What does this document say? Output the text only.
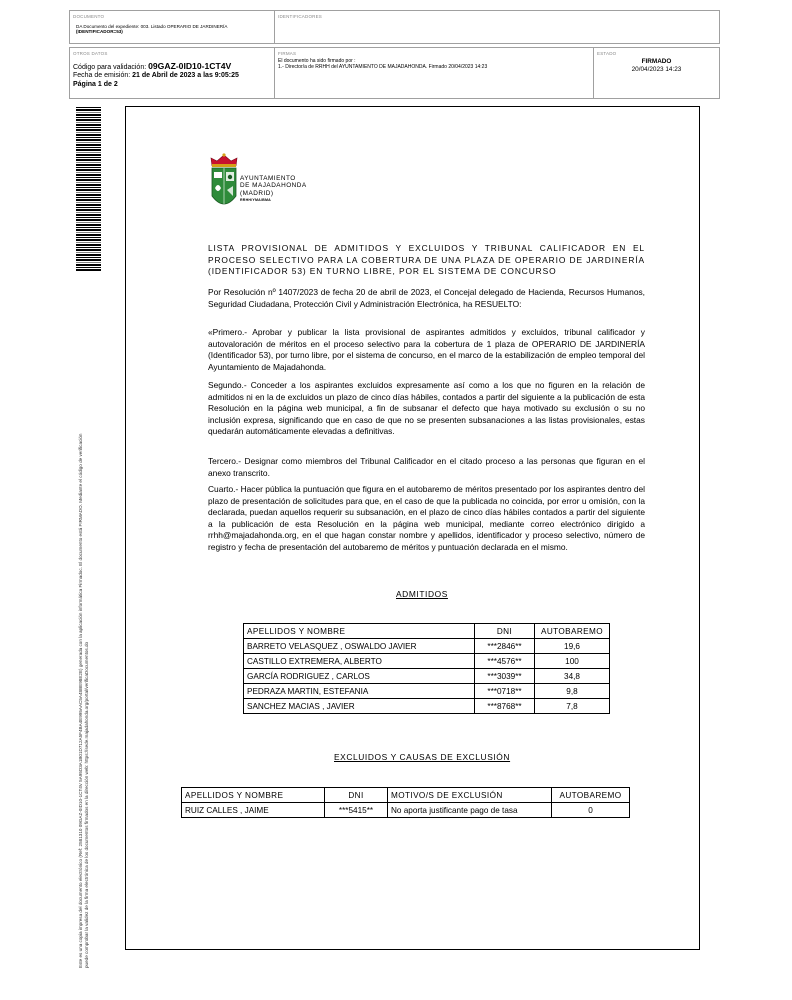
DOCUMENTO
DA Documento del expediente: 003. Listado OPERARIO DE JARDINERÍA
(IDENTIFICADOR=53)
IDENTIFICADORES
OTROS DATOS
Código para validación: 09GAZ-0ID10-1CT4V
Fecha de emisión: 21 de Abril de 2023 a las 9:05:25
Página 1 de 2
FIRMAS
El documento ha sido firmado por :
1.- Director/a de RRHH del AYUNTAMIENTO DE MAJADAHONDA. Firmado 20/04/2023 14:23
ESTADO
FIRMADO
20/04/2023 14:23
Este es una copia impresa del documento electrónico (Ref: 2581310 09GAZ-0ID10-1CT4V 5A95D3A1B01D712A5F4BA4E995AAC5A48BE98E2E) generada con la aplicación informática Firmadoc. El documento está FIRMADO. Mediante el código de verificación puede comprobar la validez de la firma electrónica de los documentos firmados en la dirección web: https://sede.majadahonda.org/portal/verificaDocumentos.do
AYUNTAMIENTO
DE MAJADAHONDA
(MADRID)
RRHH/YMA/BMA
LISTA PROVISIONAL DE ADMITIDOS Y EXCLUIDOS Y TRIBUNAL CALIFICADOR EN EL PROCESO SELECTIVO PARA LA COBERTURA DE UNA PLAZA DE OPERARIO DE JARDINERÍA (IDENTIFICADOR 53) EN TURNO LIBRE, POR EL SISTEMA DE CONCURSO
Por Resolución nº 1407/2023 de fecha 20 de abril de 2023, el Concejal delegado de Hacienda, Recursos Humanos, Seguridad Ciudadana, Protección Civil y Administración Electrónica, ha RESUELTO:
«Primero.- Aprobar y publicar la lista provisional de aspirantes admitidos y excluidos, tribunal calificador y autovaloración de méritos en el proceso selectivo para la cobertura de 1 plaza de OPERARIO DE JARDINERÍA (Identificador 53), por turno libre, por el sistema de concurso, en el marco de la estabilización de empleo temporal del Ayuntamiento de Majadahonda.
Segundo.- Conceder a los aspirantes excluidos expresamente así como a los que no figuren en la relación de admitidos ni en la de excluidos un plazo de cinco días hábiles, contados a partir del siguiente a la publicación de esta Resolución en la página web municipal, a fin de subsanar el defecto que haya motivado su exclusión o su no inclusión expresa, significando que en caso de que no se presenten subsanaciones a las listas provisionales, estas quedarán automáticamente elevadas a definitivas.
Tercero.- Designar como miembros del Tribunal Calificador en el citado proceso a las personas que figuran en el anexo transcrito.
Cuarto.- Hacer pública la puntuación que figura en el autobaremo de méritos presentado por los aspirantes dentro del plazo de presentación de solicitudes para que, en el caso de que la publicada no coincida, por error u omisión, con la declarada, puedan aquellos requerir su subsanación, en el plazo de cinco días hábiles contados a partir del siguiente a la publicación de esta Resolución en la página web municipal, mediante correo electrónico dirigido a rrhh@majadahonda.org, en el que hagan constar nombre y apellidos, identificador y proceso selectivo, número de registro y fecha de presentación del autobaremo de méritos y puntuación declarada en el mismo.
ADMITIDOS
APELLIDOS Y NOMBRE	DNI	AUTOBAREMO
BARRETO VELASQUEZ , OSWALDO JAVIER	***2846**	19,6
CASTILLO EXTREMERA, ALBERTO	***4576**	100
GARCÍA RODRIGUEZ , CARLOS	***3039**	34,8
PEDRAZA MARTIN, ESTEFANIA	***0718**	9,8
SANCHEZ MACIAS , JAVIER	***8768**	7,8
EXCLUIDOS Y CAUSAS DE EXCLUSIÓN
APELLIDOS Y NOMBRE	DNI	MOTIVO/S DE EXCLUSIÓN	AUTOBAREMO
RUIZ CALLES , JAIME	***5415**	No aporta justificante pago de tasa	0
